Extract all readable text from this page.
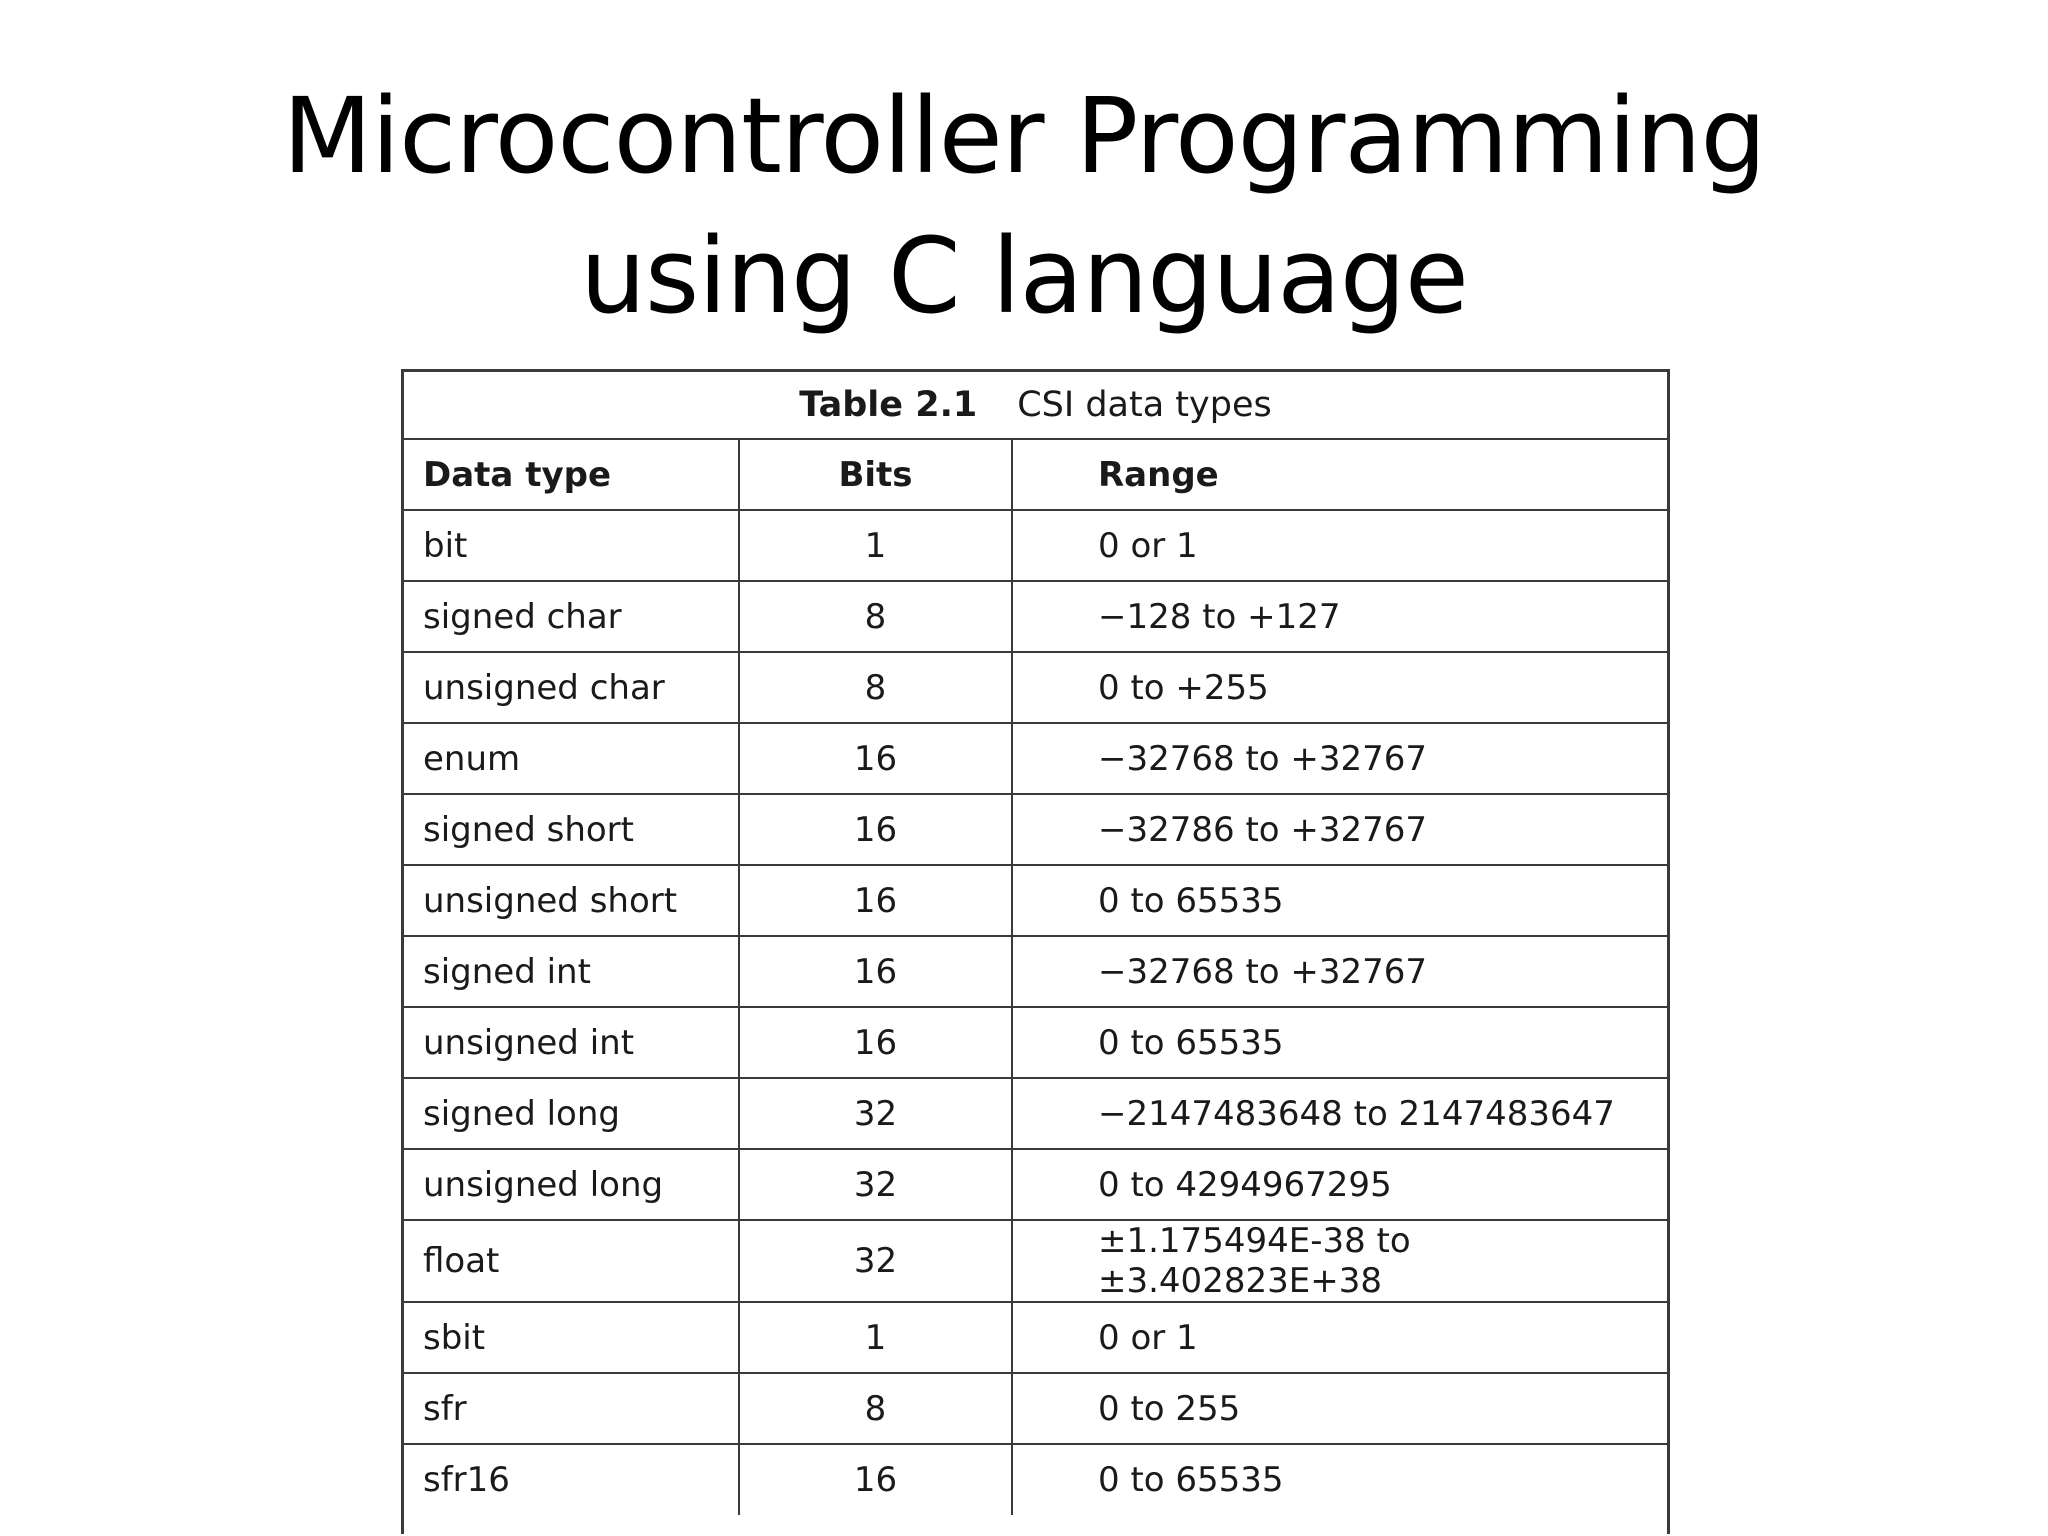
Microcontroller Programming
using C language
Table 2.1 CSI data types		
Data type	Bits	Range
bit	1	0 or 1
signed char	8	−128 to +127
unsigned char	8	0 to +255
enum	16	−32768 to +32767
signed short	16	−32786 to +32767
unsigned short	16	0 to 65535
signed int	16	−32768 to +32767
unsigned int	16	0 to 65535
signed long	32	−2147483648 to 2147483647
unsigned long	32	0 to 4294967295
float	32	±1.175494E-38 to ±3.402823E+38
sbit	1	0 or 1
sfr	8	0 to 255
sfr16	16	0 to 65535
